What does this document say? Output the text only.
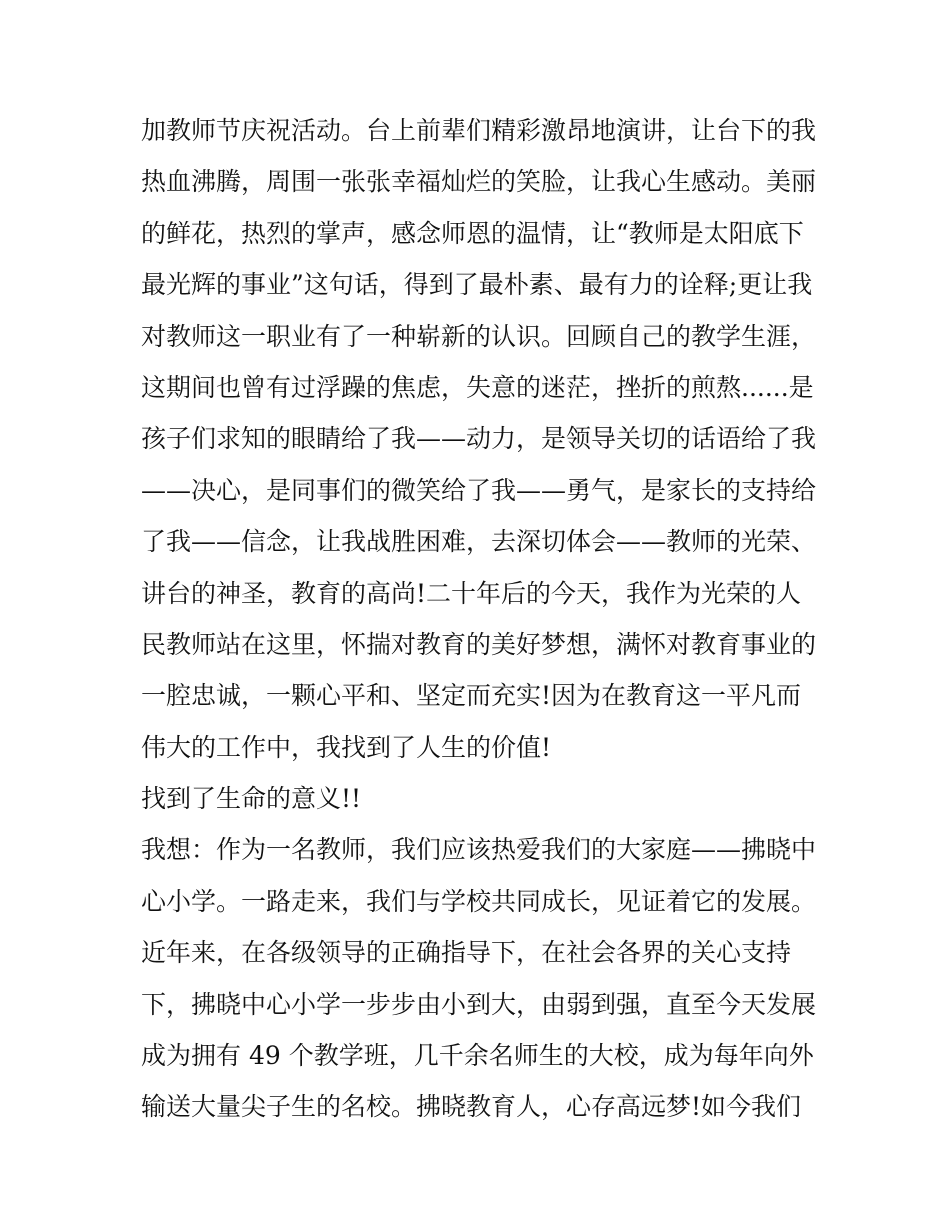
加教师节庆祝活动。台上前辈们精彩激昂地演讲，让台下的我
热血沸腾，周围一张张幸福灿烂的笑脸，让我心生感动。美丽
的鲜花，热烈的掌声，感念师恩的温情，让“教师是太阳底下
最光辉的事业”这句话，得到了最朴素、最有力的诠释;更让我
对教师这一职业有了一种崭新的认识。回顾自己的教学生涯，
这期间也曾有过浮躁的焦虑，失意的迷茫，挫折的煎熬......是
孩子们求知的眼睛给了我——动力，是领导关切的话语给了我
——决心，是同事们的微笑给了我——勇气，是家长的支持给
了我——信念，让我战胜困难，去深切体会——教师的光荣、
讲台的神圣，教育的高尚!二十年后的今天，我作为光荣的人
民教师站在这里，怀揣对教育的美好梦想，满怀对教育事业的
一腔忠诚，一颗心平和、坚定而充实!因为在教育这一平凡而
伟大的工作中，我找到了人生的价值!
找到了生命的意义!!
我想：作为一名教师，我们应该热爱我们的大家庭——拂晓中
心小学。一路走来，我们与学校共同成长，见证着它的发展。
近年来，在各级领导的正确指导下，在社会各界的关心支持
下，拂晓中心小学一步步由小到大，由弱到强，直至今天发展
成为拥有 49 个教学班，几千余名师生的大校，成为每年向外
输送大量尖子生的名校。拂晓教育人，心存高远梦!如今我们
